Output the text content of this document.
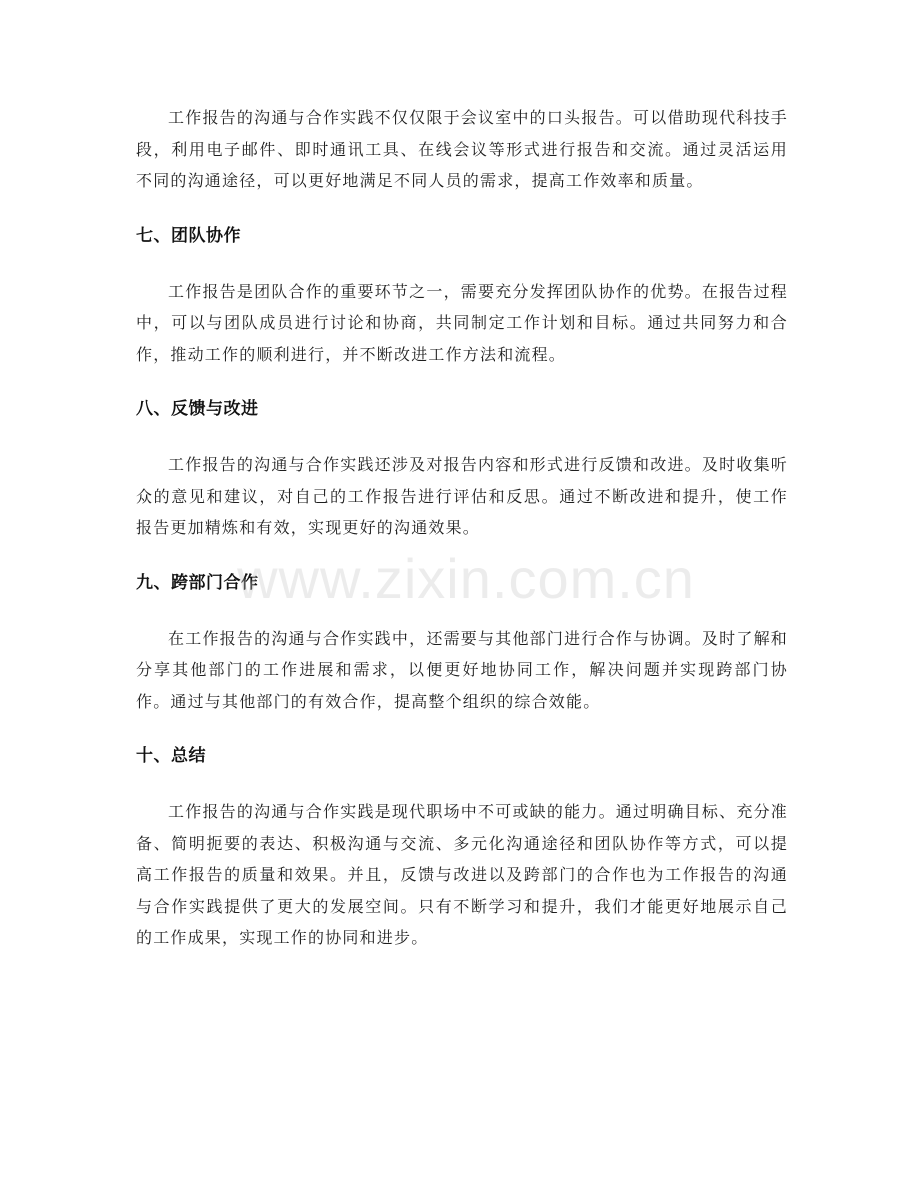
工作报告的沟通与合作实践不仅仅限于会议室中的口头报告。可以借助现代科技手段，利用电子邮件、即时通讯工具、在线会议等形式进行报告和交流。通过灵活运用不同的沟通途径，可以更好地满足不同人员的需求，提高工作效率和质量。

七、团队协作

工作报告是团队合作的重要环节之一，需要充分发挥团队协作的优势。在报告过程中，可以与团队成员进行讨论和协商，共同制定工作计划和目标。通过共同努力和合作，推动工作的顺利进行，并不断改进工作方法和流程。

八、反馈与改进

工作报告的沟通与合作实践还涉及对报告内容和形式进行反馈和改进。及时收集听众的意见和建议，对自己的工作报告进行评估和反思。通过不断改进和提升，使工作报告更加精炼和有效，实现更好的沟通效果。

九、跨部门合作

在工作报告的沟通与合作实践中，还需要与其他部门进行合作与协调。及时了解和分享其他部门的工作进展和需求，以便更好地协同工作，解决问题并实现跨部门协作。通过与其他部门的有效合作，提高整个组织的综合效能。

十、总结

工作报告的沟通与合作实践是现代职场中不可或缺的能力。通过明确目标、充分准备、简明扼要的表达、积极沟通与交流、多元化沟通途径和团队协作等方式，可以提高工作报告的质量和效果。并且，反馈与改进以及跨部门的合作也为工作报告的沟通与合作实践提供了更大的发展空间。只有不断学习和提升，我们才能更好地展示自己的工作成果，实现工作的协同和进步。

www.zixin.com.cn
